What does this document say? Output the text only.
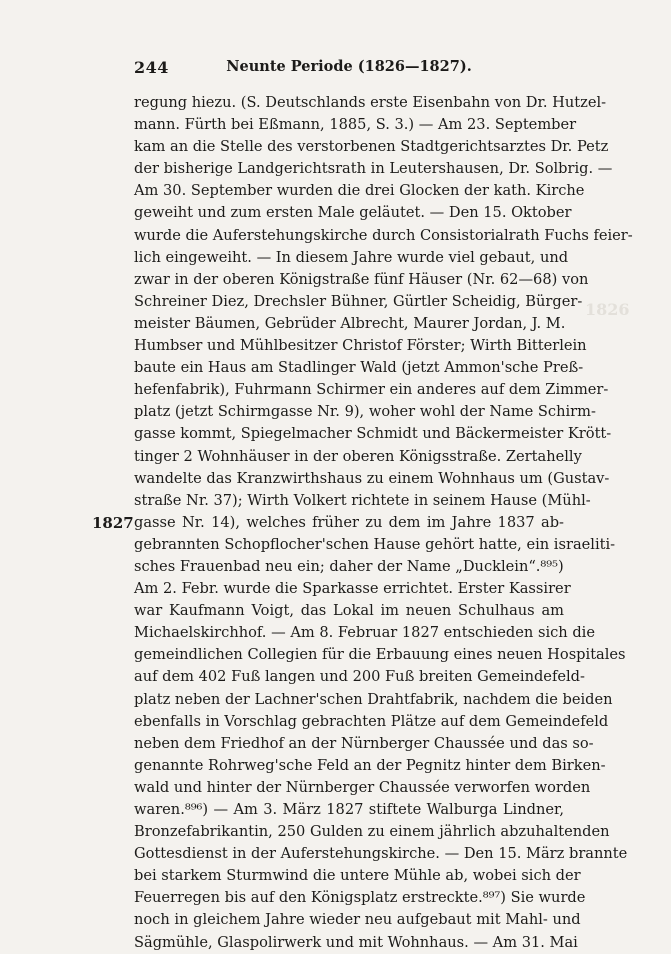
244	Neunte Periode (1826—1827).
1827
1826
regung hiezu. (S. Deutschlands erste Eisenbahn von Dr. Hutzel-
mann. Fürth bei Eßmann, 1885, S. 3.) — Am 23. September
kam an die Stelle des verstorbenen Stadtgerichtsarztes Dr. Petz
der bisherige Landgerichtsrath in Leutershausen, Dr. Solbrig. —
Am 30. September wurden die drei Glocken der kath. Kirche
geweiht und zum ersten Male geläutet. — Den 15. Oktober
wurde die Auferstehungskirche durch Consistorialrath Fuchs feier-
lich eingeweiht. — In diesem Jahre wurde viel gebaut, und
zwar in der oberen Königstraße fünf Häuser (Nr. 62—68) von
Schreiner Diez, Drechsler Bühner, Gürtler Scheidig, Bürger-
meister Bäumen, Gebrüder Albrecht, Maurer Jordan, J. M.
Humbser und Mühlbesitzer Christof Förster; Wirth Bitterlein
baute ein Haus am Stadlinger Wald (jetzt Ammon'sche Preß-
hefenfabrik), Fuhrmann Schirmer ein anderes auf dem Zimmer-
platz (jetzt Schirmgasse Nr. 9), woher wohl der Name Schirm-
gasse kommt, Spiegelmacher Schmidt und Bäckermeister Krött-
tinger 2 Wohnhäuser in der oberen Königsstraße. Zertahelly
wandelte das Kranzwirthshaus zu einem Wohnhaus um (Gustav-
straße Nr. 37); Wirth Volkert richtete in seinem Hause (Mühl-
gasse Nr. 14), welches früher zu dem im Jahre 1837 ab-
gebrannten Schopflocher'schen Hause gehört hatte, ein israeliti-
sches Frauenbad neu ein; daher der Name „Ducklein“.⁸⁹⁵)
Am 2. Febr. wurde die Sparkasse errichtet. Erster Kassirer
war Kaufmann Voigt, das Lokal im neuen Schulhaus am
Michaelskirchhof. — Am 8. Februar 1827 entschieden sich die
gemeindlichen Collegien für die Erbauung eines neuen Hospitales
auf dem 402 Fuß langen und 200 Fuß breiten Gemeindefeld-
platz neben der Lachner'schen Drahtfabrik, nachdem die beiden
ebenfalls in Vorschlag gebrachten Plätze auf dem Gemeindefeld
neben dem Friedhof an der Nürnberger Chaussée und das so-
genannte Rohrweg'sche Feld an der Pegnitz hinter dem Birken-
wald und hinter der Nürnberger Chaussée verworfen worden
waren.⁸⁹⁶) — Am 3. März 1827 stiftete Walburga Lindner,
Bronzefabrikantin, 250 Gulden zu einem jährlich abzuhaltenden
Gottesdienst in der Auferstehungskirche. — Den 15. März brannte
bei starkem Sturmwind die untere Mühle ab, wobei sich der
Feuerregen bis auf den Königsplatz erstreckte.⁸⁹⁷) Sie wurde
noch in gleichem Jahre wieder neu aufgebaut mit Mahl- und
Sägmühle, Glaspolirwerk und mit Wohnhaus. — Am 31. Mai
